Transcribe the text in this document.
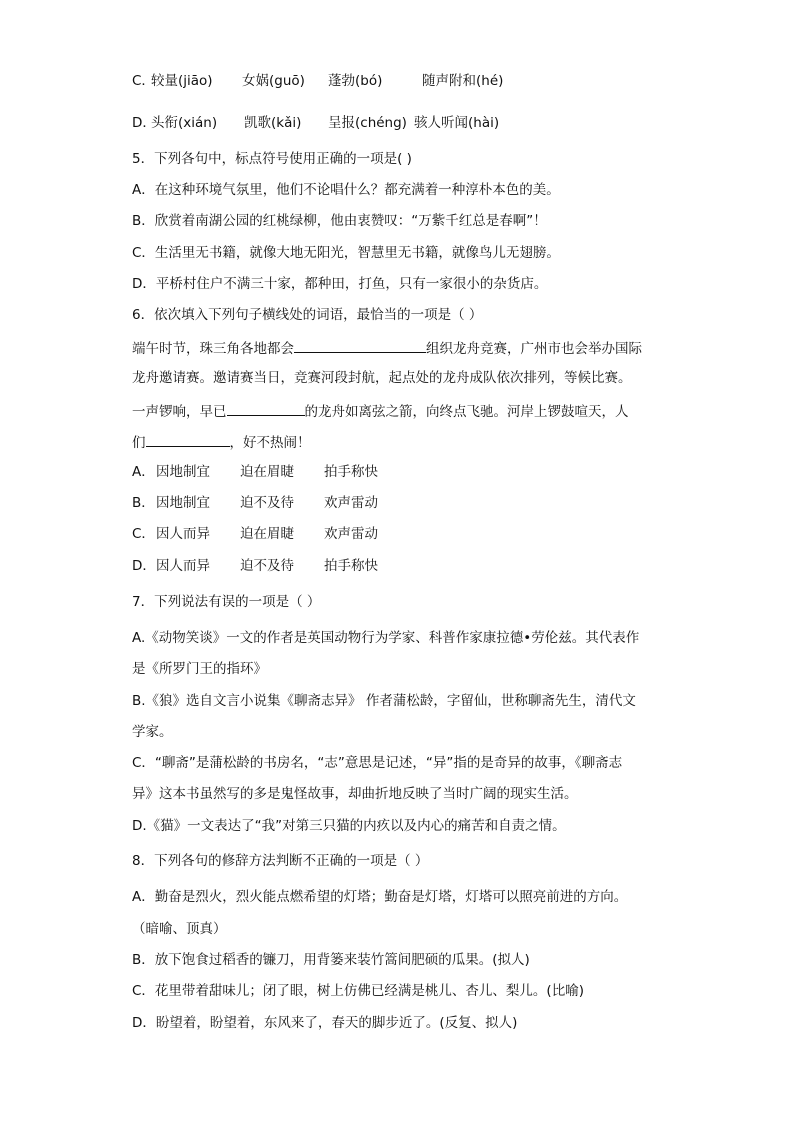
C．
较量(jiāo) 女娲(guō) 蓬勃(bó)	随声附和(hé)
D．
头衔(xián) 凯歌(kǎi) 呈报(chéng) 骇人听闻(hài)
5．下列各句中，标点符号使用正确的一项是( )
A．在这种环境气氛里，他们不论唱什么？都充满着一种淳朴本色的美。
B．欣赏着南湖公园的红桃绿柳，他由衷赞叹：“万紫千红总是春啊”！
C．生活里无书籍，就像大地无阳光，智慧里无书籍，就像鸟儿无翅膀。
D．平桥村住户不满三十家，都种田，打鱼，只有一家很小的杂货店。
6．依次填入下列句子横线处的词语，最恰当的一项是（ ）
端午时节，珠三角各地都会	组织龙舟竞赛，广州市也会举办国际
龙舟邀请赛。邀请赛当日，竞赛河段封航，起点处的龙舟成队依次排列，等候比赛。
一声锣响，早已	的龙舟如离弦之箭，向终点飞驰。河岸上锣鼓喧天，人
们	，好不热闹！
A． 因地制宜 迫在眉睫 拍手称快
B． 因地制宜 迫不及待 欢声雷动
C． 因人而异 迫在眉睫 欢声雷动
D． 因人而异 迫不及待 拍手称快
7．下列说法有误的一项是（ ）
A.《动物笑谈》一文的作者是英国动物行为学家、科普作家康拉德•劳伦兹。其代表作
是《所罗门王的指环》
B.《狼》选自文言小说集《聊斋志异》 作者蒲松龄，字留仙，世称聊斋先生，清代文
学家。
C．“聊斋”是蒲松龄的书房名，“志”意思是记述，“异”指的是奇异的故事，《聊斋志
异》这本书虽然写的多是鬼怪故事，却曲折地反映了当时广阔的现实生活。
D.《猫》一文表达了“我”对第三只猫的内疚以及内心的痛苦和自责之情。
8．下列各句的修辞方法判断不正确的一项是（ ）
A．勤奋是烈火，烈火能点燃希望的灯塔；勤奋是灯塔，灯塔可以照亮前进的方向。
（暗喻、顶真）
B．放下饱食过稻香的镰刀，用背篓来装竹篙间肥硕的瓜果。(拟人)
C．花里带着甜味儿；闭了眼，树上仿佛已经满是桃儿、杏儿、梨儿。(比喻)
D．盼望着，盼望着，东风来了，春天的脚步近了。(反复、拟人)
